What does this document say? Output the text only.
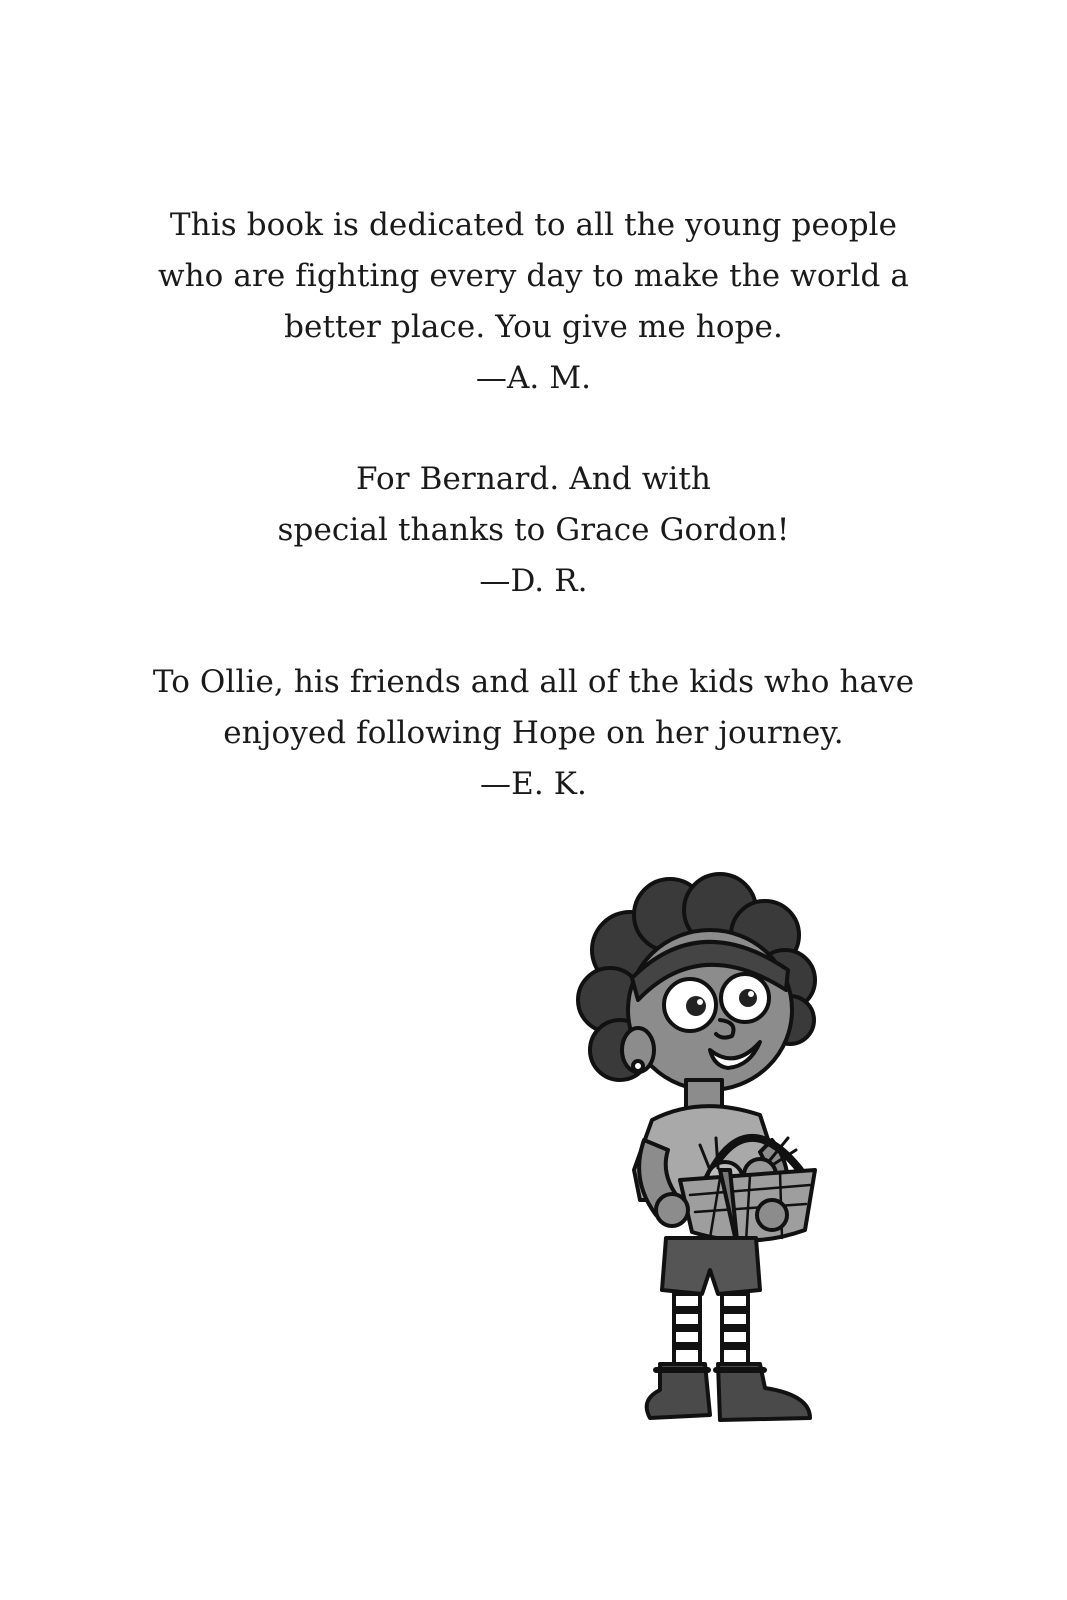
This book is dedicated to all the young people
who are fighting every day to make the world a
better place. You give me hope.
—A. M.
For Bernard. And with
special thanks to Grace Gordon!
—D. R.
To Ollie, his friends and all of the kids who have
enjoyed following Hope on her journey.
—E. K.
